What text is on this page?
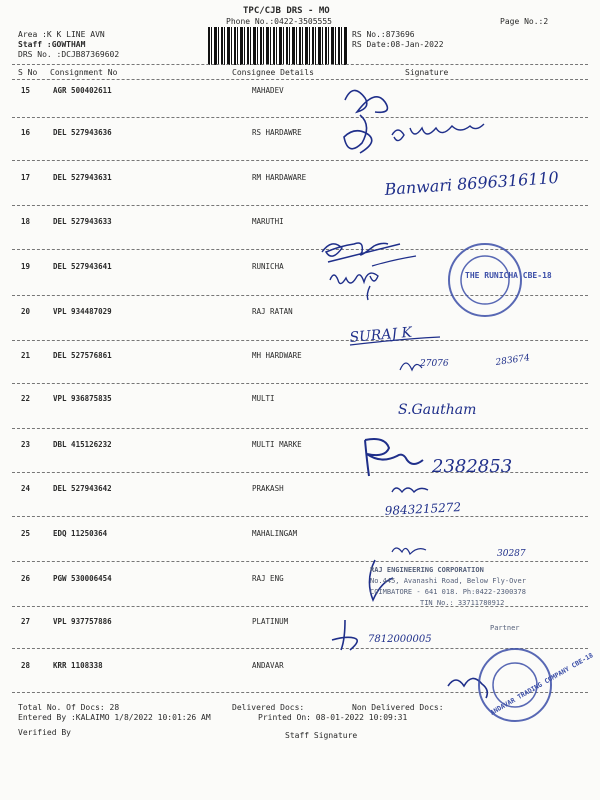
TPC/CJB DRS - MO
Phone No.:0422-3505555	Page No.:2
Area :K K LINE AVN
Staff :GOWTHAM
DRS No. :DCJB87369602
RS No.:873696
RS Date:08-Jan-2022
S No Consignment No	Consignee Details	Signature
15	AGR 500402611	MAHADEV
16	DEL 527943636	RS HARDAWRE
17	DEL 527943631	RM HARDAWARE
18	DEL 527943633	MARUTHI
19	DEL 527943641	RUNICHA
20	VPL 934487029	RAJ RATAN
21	DEL 527576861	MH HARDWARE
22	VPL 936875835	MULTI
23	DBL 415126232	MULTI MARKE
24	DEL 527943642	PRAKASH
25	EDQ 11250364	MAHALINGAM
26	PGW 530006454	RAJ ENG
27	VPL 937757886	PLATINUM
28	KRR 1108338	ANDAVAR
Banwari 8696316110
SURAJ K
27076	283674
S.Gautham
2382853
9843215272
30287
7812000005
THE RUNICHA CBE-18
RAJ ENGINEERING CORPORATION
No.445, Avanashi Road, Below Fly-Over
COIMBATORE - 641 018. Ph:0422-2300378
TIN No.: 33711780912
Partner
ANDAVAR TRADING COMPANY CBE-18
Total No. Of Docs: 28	Delivered Docs:	Non Delivered Docs:
Entered By :KALAIMO 1/8/2022 10:01:26 AM	Printed On: 08-01-2022 10:09:31
Verified By	Staff Signature
